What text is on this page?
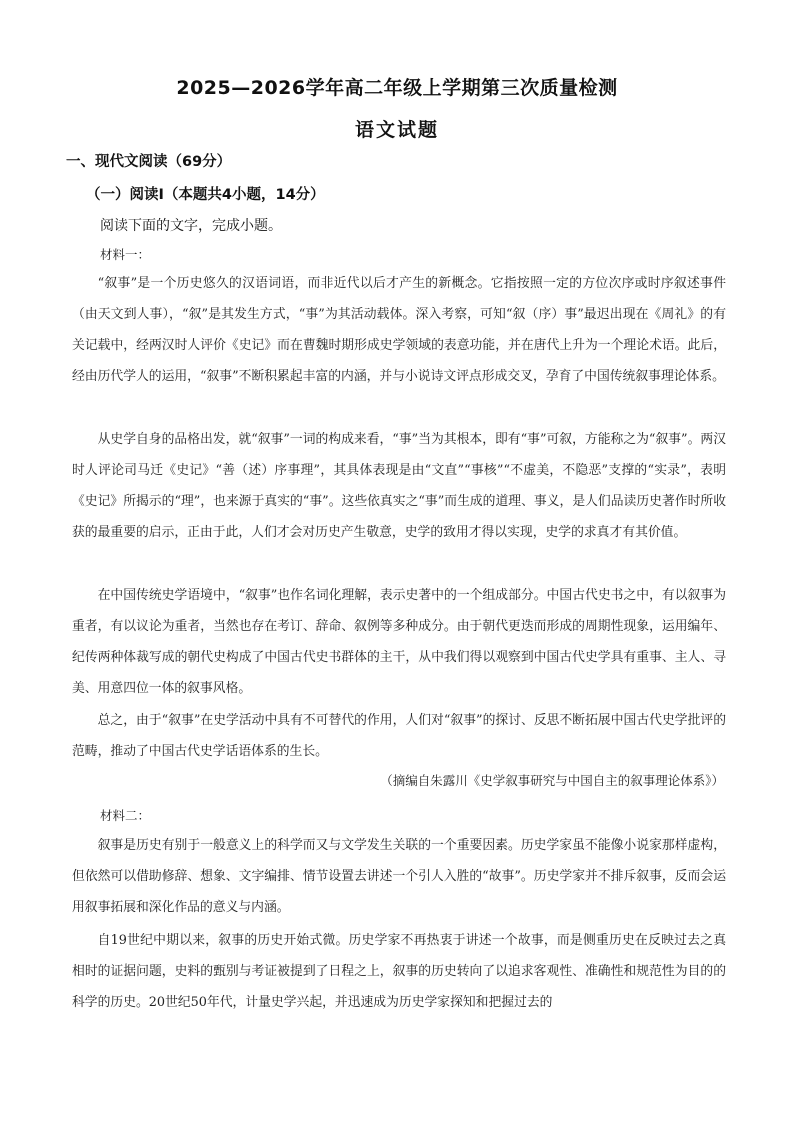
2025—2026学年高二年级上学期第三次质量检测
语文试题
一、现代文阅读（69分）
（一）阅读Ⅰ（本题共4小题，14分）
阅读下面的文字，完成小题。
材料一：

“叙事”是一个历史悠久的汉语词语，而非近代以后才产生的新概念。它指按照一定的方位次序或时序叙述事件（由天文到人事），“叙”是其发生方式，“事”为其活动载体。深入考察，可知“叙（序）事”最迟出现在《周礼》的有关记载中，经两汉时人评价《史记》而在曹魏时期形成史学领域的表意功能，并在唐代上升为一个理论术语。此后，经由历代学人的运用，“叙事”不断积累起丰富的内涵，并与小说诗文评点形成交叉，孕育了中国传统叙事理论体系。

从史学自身的品格出发，就“叙事”一词的构成来看，“事”当为其根本，即有“事”可叙，方能称之为“叙事”。两汉时人评论司马迁《史记》“善（述）序事理”，其具体表现是由“文直”“事核”“不虚美，不隐恶”支撑的“实录”，表明《史记》所揭示的“理”，也来源于真实的“事”。这些依真实之“事”而生成的道理、事义，是人们品读历史著作时所收获的最重要的启示，正由于此，人们才会对历史产生敬意，史学的致用才得以实现，史学的求真才有其价值。

在中国传统史学语境中，“叙事”也作名词化理解，表示史著中的一个组成部分。中国古代史书之中，有以叙事为重者，有以议论为重者，当然也存在考订、辞命、叙例等多种成分。由于朝代更迭而形成的周期性现象，运用编年、纪传两种体裁写成的朝代史构成了中国古代史书群体的主干，从中我们得以观察到中国古代史学具有重事、主人、寻美、用意四位一体的叙事风格。

总之，由于“叙事”在史学活动中具有不可替代的作用，人们对“叙事”的探讨、反思不断拓展中国古代史学批评的范畴，推动了中国古代史学话语体系的生长。

（摘编自朱露川《史学叙事研究与中国自主的叙事理论体系》）
材料二：

叙事是历史有别于一般意义上的科学而又与文学发生关联的一个重要因素。历史学家虽不能像小说家那样虚构，但依然可以借助修辞、想象、文字编排、情节设置去讲述一个引人入胜的“故事”。历史学家并不排斥叙事，反而会运用叙事拓展和深化作品的意义与内涵。

自19世纪中期以来，叙事的历史开始式微。历史学家不再热衷于讲述一个故事，而是侧重历史在反映过去之真相时的证据问题，史料的甄别与考证被提到了日程之上，叙事的历史转向了以追求客观性、准确性和规范性为目的的科学的历史。20世纪50年代，计量史学兴起，并迅速成为历史学家探知和把握过去的
